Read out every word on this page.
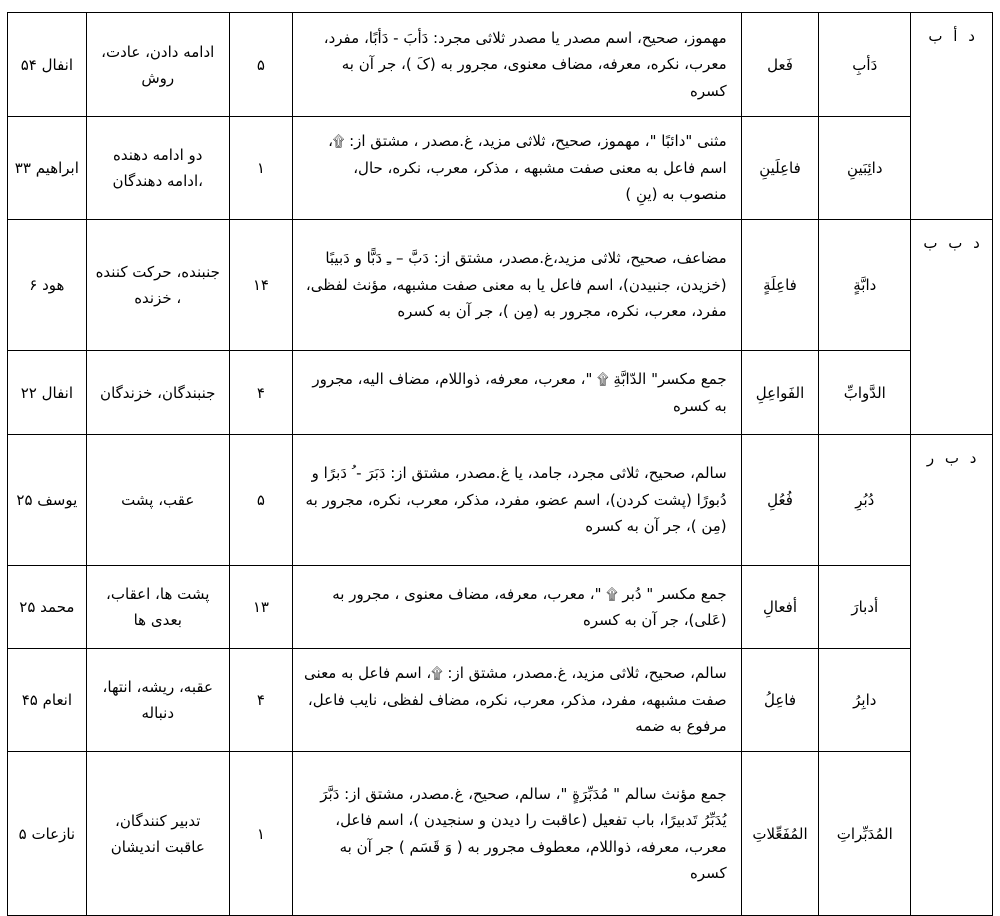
د أ ب	دَأبِ	فَعل	مهموز، صحیح، اسم مصدر یا مصدر ثلاثی مجرد: دَأبَ - دَأبًا، مفرد، معرب، نکره، معرفه، مضاف معنوی، مجرور به (کَ )، جر آن به کسره	۵	ادامه دادن، عادت، روش	انفال ۵۴
	دائِبَینِ	فاعِلَینِ	مثنی "دائبًا "، مهموز، صحیح، ثلاثی مزید، غ.مصدر ، مشتق از: ۩، اسم فاعل به معنی صفت مشبهه ، مذکر، معرب، نکره، حال، منصوب به (ینِ )	۱	دو ادامه دهنده ،ادامه دهندگان	ابراهیم ۳۳
د ب ب	دابَّةٍ	فاعِلَةٍ	مضاعف، صحیح، ثلاثی مزید،غ.مصدر، مشتق از: دَبَّ – ـِ دَبًّا و دَبیبًا (خزیدن، جنبیدن)، اسم فاعل یا به معنی صفت مشبهه، مؤنث لفظی، مفرد، معرب، نکره، مجرور به (مِن )، جر آن به کسره	۱۴	جنبنده، حرکت کننده ، خزنده	هود ۶
	الدَّوابِّ	الفَواعِلِ	جمع مکسر" الدّابَّةِ ۩ "، معرب، معرفه، ذواللام، مضاف الیه، مجرور به کسره	۴	جنبندگان، خزندگان	انفال ۲۲
د ب ر	دُبُرِ	فُعُلِ	سالم، صحیح، ثلاثی مجرد، جامد، یا غ.مصدر، مشتق از: دَبَرَ - ُ دَبرًا و دُبورًا (پشت کردن)، اسم عضو، مفرد، مذکر، معرب، نکره، مجرور به (مِن )، جر آن به کسره	۵	عقب، پشت	یوسف ۲۵
	أدبارَ	أفعالِ	جمع مکسر " دُبر ۩ "، معرب، معرفه، مضاف معنوی ، مجرور به (عَلی)، جر آن به کسره	۱۳	پشت ها، اعقاب، بعدی ها	محمد ۲۵
	دابِرُ	فاعِلُ	سالم، صحیح، ثلاثی مزید، غ.مصدر، مشتق از: ۩، اسم فاعل به معنی صفت مشبهه، مفرد، مذکر، معرب، نکره، مضاف لفظی، نایب فاعل، مرفوع به ضمه	۴	عقبه، ریشه، انتها، دنباله	انعام ۴۵
	المُدَبِّراتِ	المُفَعِّلاتِ	جمع مؤنث سالم " مُدَبِّرَةٍ "، سالم، صحیح، غ.مصدر، مشتق از: دَبَّرَ یُدَبِّرُ تَدبیرًا، باب تفعیل (عاقبت را دیدن و سنجیدن )، اسم فاعل، معرب، معرفه، ذواللام، معطوف مجرور به ( وَ قَسَم ) جر آن به کسره	۱	تدبیر کنندگان، عاقبت اندیشان	نازعات ۵
